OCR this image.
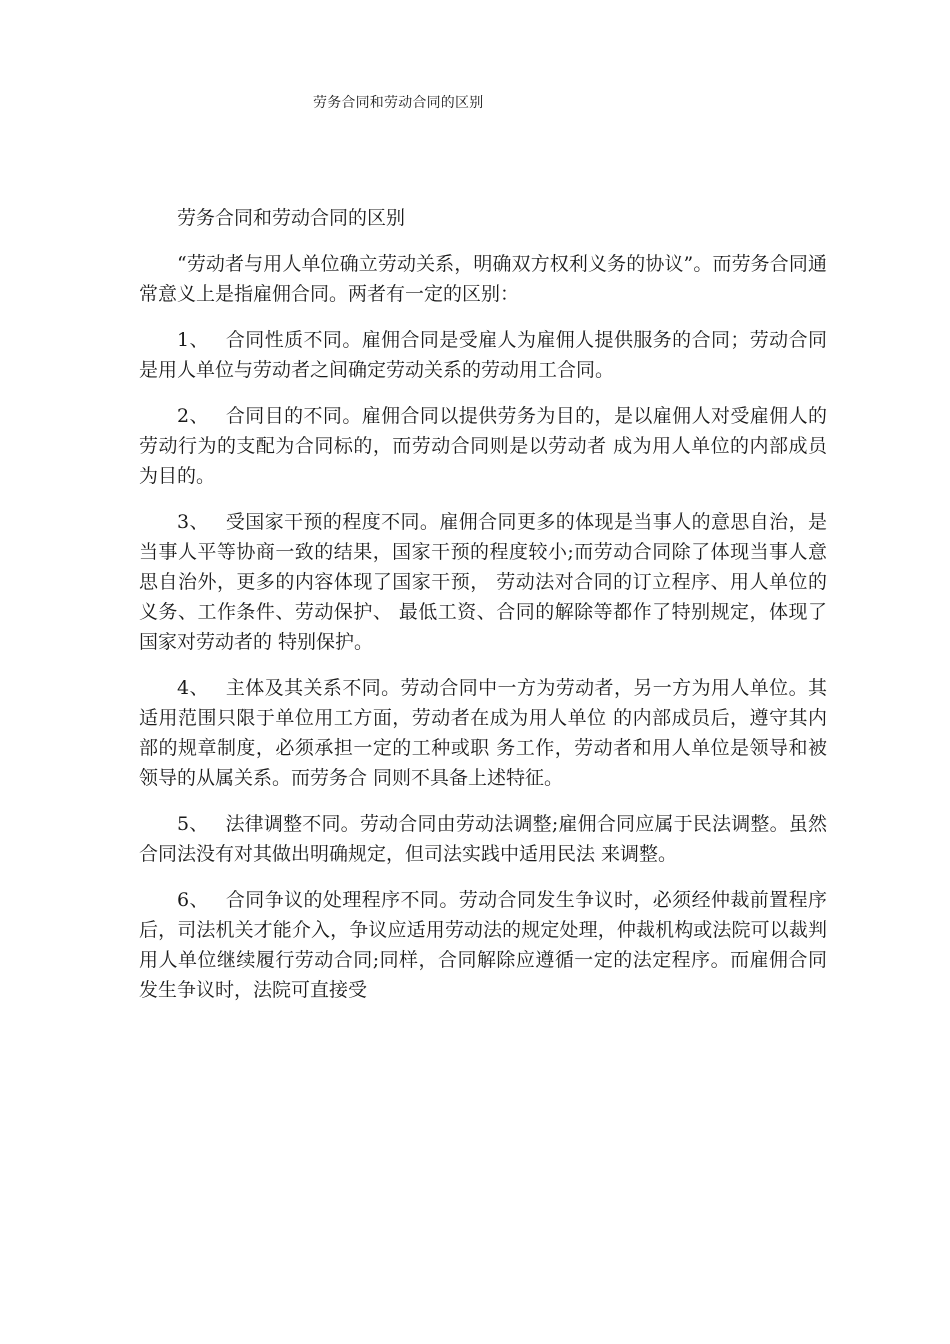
劳务合同和劳动合同的区别
劳务合同和劳动合同的区别

“劳动者与用人单位确立劳动关系，明确双方权利义务的协议”。而劳务合同通常意义上是指雇佣合同。两者有一定的区别：

1、 合同性质不同。雇佣合同是受雇人为雇佣人提供服务的合同；劳动合同是用人单位与劳动者之间确定劳动关系的劳动用工合同。

2、 合同目的不同。雇佣合同以提供劳务为目的，是以雇佣人对受雇佣人的劳动行为的支配为合同标的，而劳动合同则是以劳动者 成为用人单位的内部成员为目的。

3、 受国家干预的程度不同。雇佣合同更多的体现是当事人的意思自治，是当事人平等协商一致的结果，国家干预的程度较小;而劳动合同除了体现当事人意思自治外，更多的内容体现了国家干预， 劳动法对合同的订立程序、用人单位的义务、工作条件、劳动保护、 最低工资、合同的解除等都作了特别规定，体现了国家对劳动者的 特别保护。

4、 主体及其关系不同。劳动合同中一方为劳动者，另一方为用人单位。其适用范围只限于单位用工方面，劳动者在成为用人单位 的内部成员后，遵守其内部的规章制度，必须承担一定的工种或职 务工作，劳动者和用人单位是领导和被领导的从属关系。而劳务合 同则不具备上述特征。

5、 法律调整不同。劳动合同由劳动法调整;雇佣合同应属于民法调整。虽然合同法没有对其做出明确规定，但司法实践中适用民法 来调整。

6、 合同争议的处理程序不同。劳动合同发生争议时，必须经仲裁前置程序后，司法机关才能介入，争议应适用劳动法的规定处理，仲裁机构或法院可以裁判用人单位继续履行劳动合同;同样，合同解除应遵循一定的法定程序。而雇佣合同发生争议时，法院可直接受
